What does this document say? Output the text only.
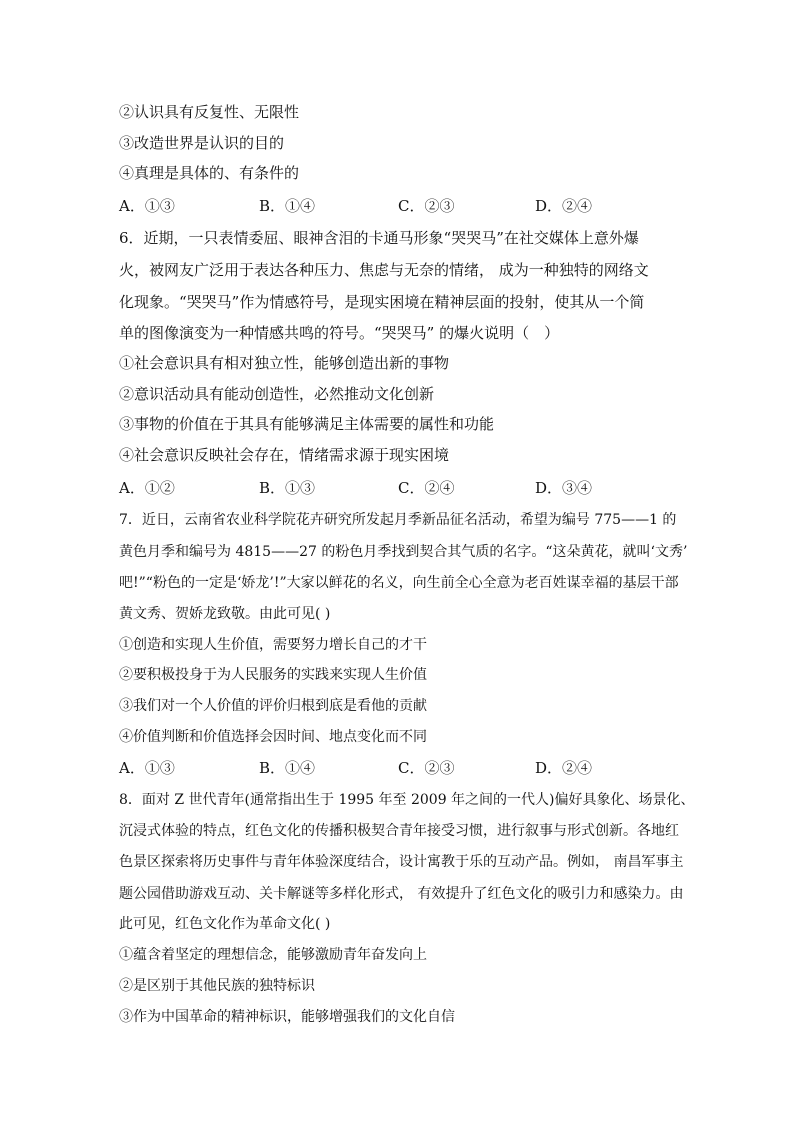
②认识具有反复性、无限性
③改造世界是认识的目的
④真理是具体的、有条件的
A．①③	B．①④	C．②③	D．②④
6．近期，一只表情委屈、眼神含泪的卡通马形象“哭哭马”在社交媒体上意外爆
火，被网友广泛用于表达各种压力、焦虑与无奈的情绪， 成为一种独特的网络文
化现象。“哭哭马”作为情感符号，是现实困境在精神层面的投射，使其从一个简
单的图像演变为一种情感共鸣的符号。“哭哭马” 的爆火说明（　）
①社会意识具有相对独立性，能够创造出新的事物
②意识活动具有能动创造性，必然推动文化创新
③事物的价值在于其具有能够满足主体需要的属性和功能
④社会意识反映社会存在，情绪需求源于现实困境
A．①②	B．①③	C．②④	D．③④
7．近日，云南省农业科学院花卉研究所发起月季新品征名活动，希望为编号 775——1 的
黄色月季和编号为 4815——27 的粉色月季找到契合其气质的名字。“这朵黄花，就叫‘文秀’
吧!”“粉色的一定是‘娇龙’!”大家以鲜花的名义，向生前全心全意为老百姓谋幸福的基层干部
黄文秀、贺娇龙致敬。由此可见( )
①创造和实现人生价值，需要努力增长自己的才干
②要积极投身于为人民服务的实践来实现人生价值
③我们对一个人价值的评价归根到底是看他的贡献
④价值判断和价值选择会因时间、地点变化而不同
A．①③	B．①④	C．②③	D．②④
8．面对 Z 世代青年(通常指出生于 1995 年至 2009 年之间的一代人)偏好具象化、场景化、
沉浸式体验的特点，红色文化的传播积极契合青年接受习惯，进行叙事与形式创新。各地红
色景区探索将历史事件与青年体验深度结合，设计寓教于乐的互动产品。例如， 南昌军事主
题公园借助游戏互动、关卡解谜等多样化形式， 有效提升了红色文化的吸引力和感染力。由
此可见，红色文化作为革命文化( )
①蕴含着坚定的理想信念，能够激励青年奋发向上
②是区别于其他民族的独特标识
③作为中国革命的精神标识，能够增强我们的文化自信
